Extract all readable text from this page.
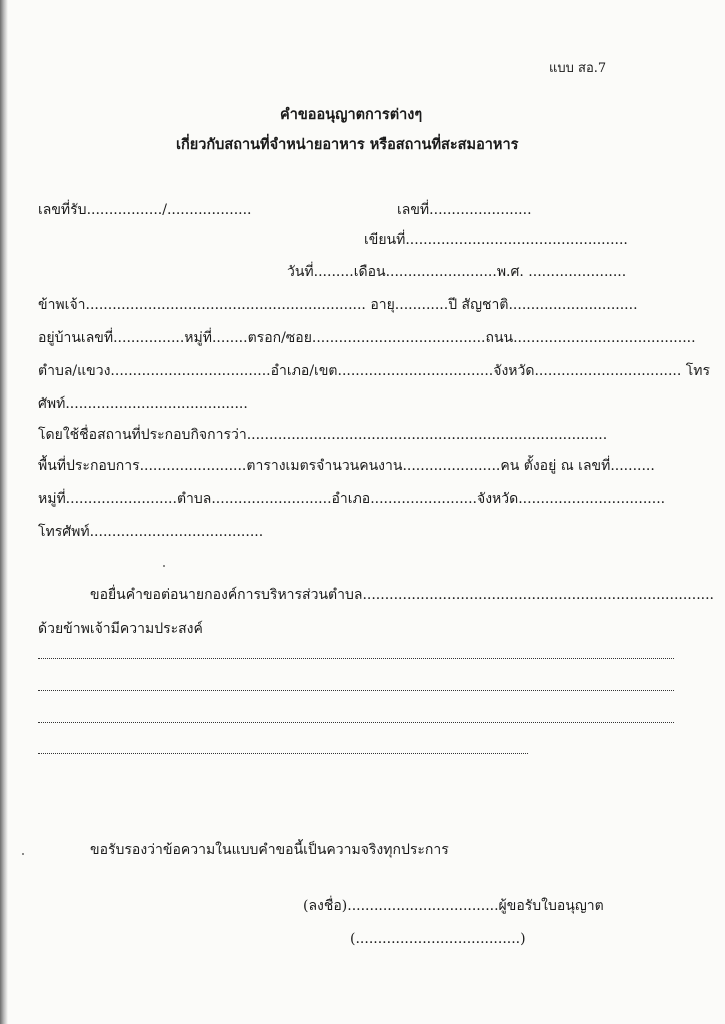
แบบ สอ.7
คำขออนุญาตการต่างๆ
เกี่ยวกับสถานที่จำหน่ายอาหาร หรือสถานที่สะสมอาหาร
เลขที่รับ................./...................	เลขที่.......................
เขียนที่..................................................
วันที่.........เดือน.........................พ.ศ. ......................
ข้าพเจ้า............................................................... อายุ............ปี สัญชาติ.............................
อยู่บ้านเลขที่................หมู่ที่........ตรอก/ซอย.......................................ถนน.........................................
ตำบล/แขวง....................................อำเภอ/เขต...................................จังหวัด................................. โทร
ศัพท์.........................................
โดยใช้ชื่อสถานที่ประกอบกิจการว่า.................................................................................
พื้นที่ประกอบการ........................ตารางเมตรจำนวนคนงาน......................คน ตั้งอยู่ ณ เลขที่..........
หมู่ที่.........................ตำบล...........................อำเภอ........................จังหวัด.................................
โทรศัพท์.......................................
ขอยื่นคำขอต่อนายกองค์การบริหารส่วนตำบล...............................................................................
ด้วยข้าพเจ้ามีความประสงค์
ขอรับรองว่าข้อความในแบบคำขอนี้เป็นความจริงทุกประการ
(ลงชื่อ)..................................ผู้ขอรับใบอนุญาต
(.....................................)
